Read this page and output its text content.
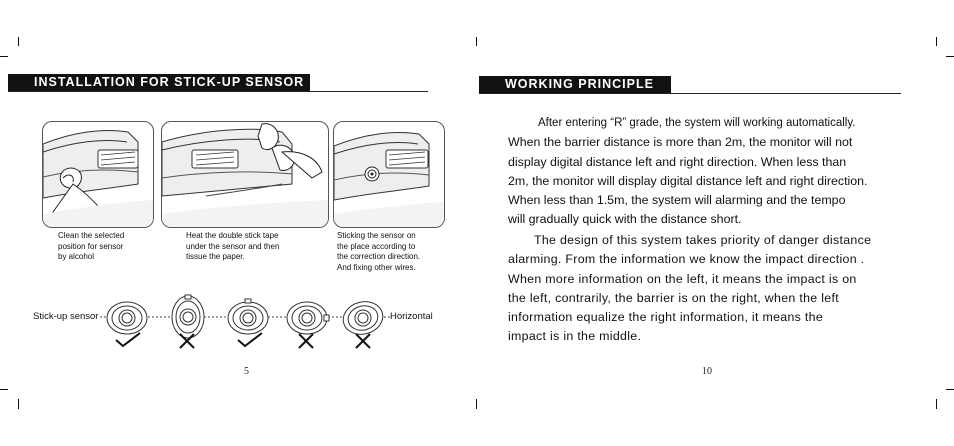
INSTALLATION FOR STICK-UP SENSOR
Clean the selected
position for sensor
by alcohol
Heat the double stick tape
under the sensor and then
tissue the paper.
Sticking the sensor on
the place according to
the correction direction.
And fixing other wires.
Stick-up sensor	Horizontal
5
WORKING PRINCIPLE

After entering “R” grade, the system will working automatically.

When the barrier distance is more than 2m, the monitor will not

display digital distance left and right direction. When less than

2m, the monitor will display digital distance left and right direction.

When less than 1.5m, the system will alarming and the tempo

will gradually quick with the distance short.

The design of this system takes priority of danger distance

alarming. From the information we know the impact direction .

When more information on the left, it means the impact is on

the left, contrarily, the barrier is on the right, when the left

information equalize the right information, it means the

impact is in the middle.

10
